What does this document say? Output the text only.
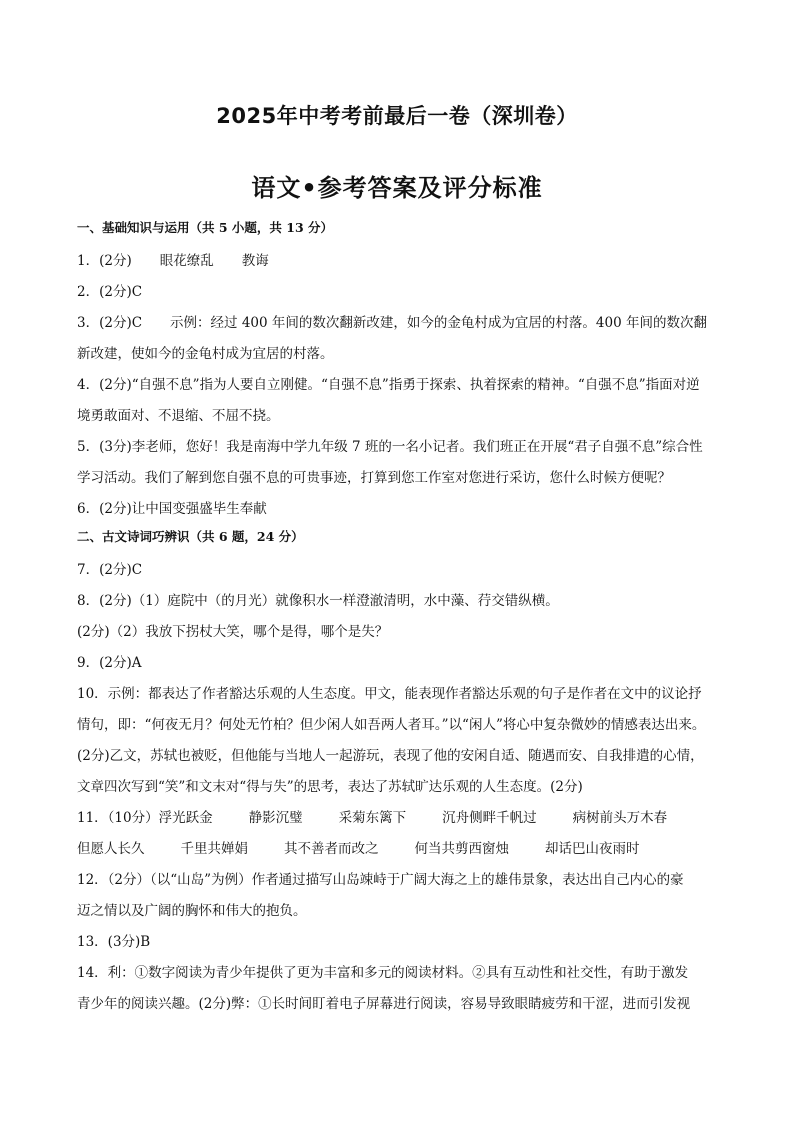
2025年中考考前最后一卷（深圳卷）
语文•参考答案及评分标准
一、基础知识与运用（共 5 小题，共 13 分）

1．(2分) 眼花缭乱 教诲

2．(2分)C

3．(2分)C 示例：经过 400 年间的数次翻新改建，如今的金龟村成为宜居的村落。400 年间的数次翻

新改建，使如今的金龟村成为宜居的村落。

4．(2分)“自强不息”指为人要自立刚健。“自强不息”指勇于探索、执着探索的精神。“自强不息”指面对逆

境勇敢面对、不退缩、不屈不挠。

5．(3分)李老师，您好！我是南海中学九年级 7 班的一名小记者。我们班正在开展“君子自强不息”综合性

学习活动。我们了解到您自强不息的可贵事迹，打算到您工作室对您进行采访，您什么时候方便呢？

6．(2分)让中国变强盛毕生奉献

二、古文诗词巧辨识（共 6 题，24 分）

7．(2分)C

8．(2分)（1）庭院中（的月光）就像积水一样澄澈清明，水中藻、荇交错纵横。

(2分)（2）我放下拐杖大笑，哪个是得，哪个是失？

9．(2分)A

10．示例：都表达了作者豁达乐观的人生态度。甲文，能表现作者豁达乐观的句子是作者在文中的议论抒

情句，即：“何夜无月？何处无竹柏？但少闲人如吾两人者耳。”以“闲人”将心中复杂微妙的情感表达出来。

(2分)乙文，苏轼也被贬，但他能与当地人一起游玩，表现了他的安闲自适、随遇而安、自我排遣的心情，

文章四次写到“笑”和文末对“得与失”的思考，表达了苏轼旷达乐观的人生态度。(2分)

11．（10分）浮光跃金	静影沉璧	采菊东篱下	沉舟侧畔千帆过	病树前头万木春

但愿人长久	千里共婵娟	其不善者而改之	何当共剪西窗烛	却话巴山夜雨时

12．（2分）（以“山岛”为例）作者通过描写山岛竦峙于广阔大海之上的雄伟景象，表达出自己内心的豪

迈之情以及广阔的胸怀和伟大的抱负。

13．(3分)B

14．利：①数字阅读为青少年提供了更为丰富和多元的阅读材料。②具有互动性和社交性，有助于激发

青少年的阅读兴趣。(2分)弊：①长时间盯着电子屏幕进行阅读，容易导致眼睛疲劳和干涩，进而引发视
